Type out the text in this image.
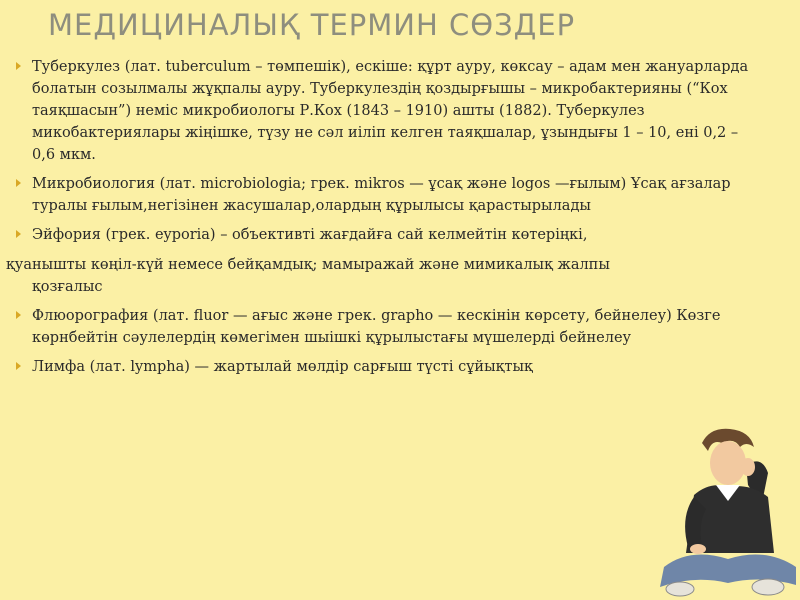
МЕДИЦИНАЛЫҚ ТЕРМИН СӨЗДЕР
Туберкулез (лат. tuberculum – төмпешік), ескіше: құрт ауру, көксау – адам мен жануарларда болатын созылмалы жұқпалы ауру. Туберкулездің қоздырғышы – микробактерияны (“Кох таяқшасын”) неміс микробиологы Р.Кох (1843 – 1910) ашты (1882). Туберкулез микобактериялары жіңішке, түзу не сәл иіліп келген таяқшалар, ұзындығы 1 – 10, ені 0,2 – 0,6 мкм.
Микробиология (лат. microbiologia; грек. mikros — ұсақ және logos —ғылым) Ұсақ ағзалар туралы ғылым,негізінен жасушалар,олардың құрылысы қарастырылады
Эйфория (грек. eyporia) – объективті жағдайға сай келмейтін көтеріңкі,
қуанышты көңіл-күй немесе бейқамдық; мамыражай және мимикалық жалпы
қозғалыс
Флюорография (лат. fluor — ағыс және грек. grapho — кескінін көрсету, бейнелеу) Көзге көрнбейтін сәулелердің көмегімен шыішкі құрылыстағы мүшелерді бейнелеу
Лимфа (лат. lympha) — жартылай мөлдір сарғыш түсті сұйықтық
